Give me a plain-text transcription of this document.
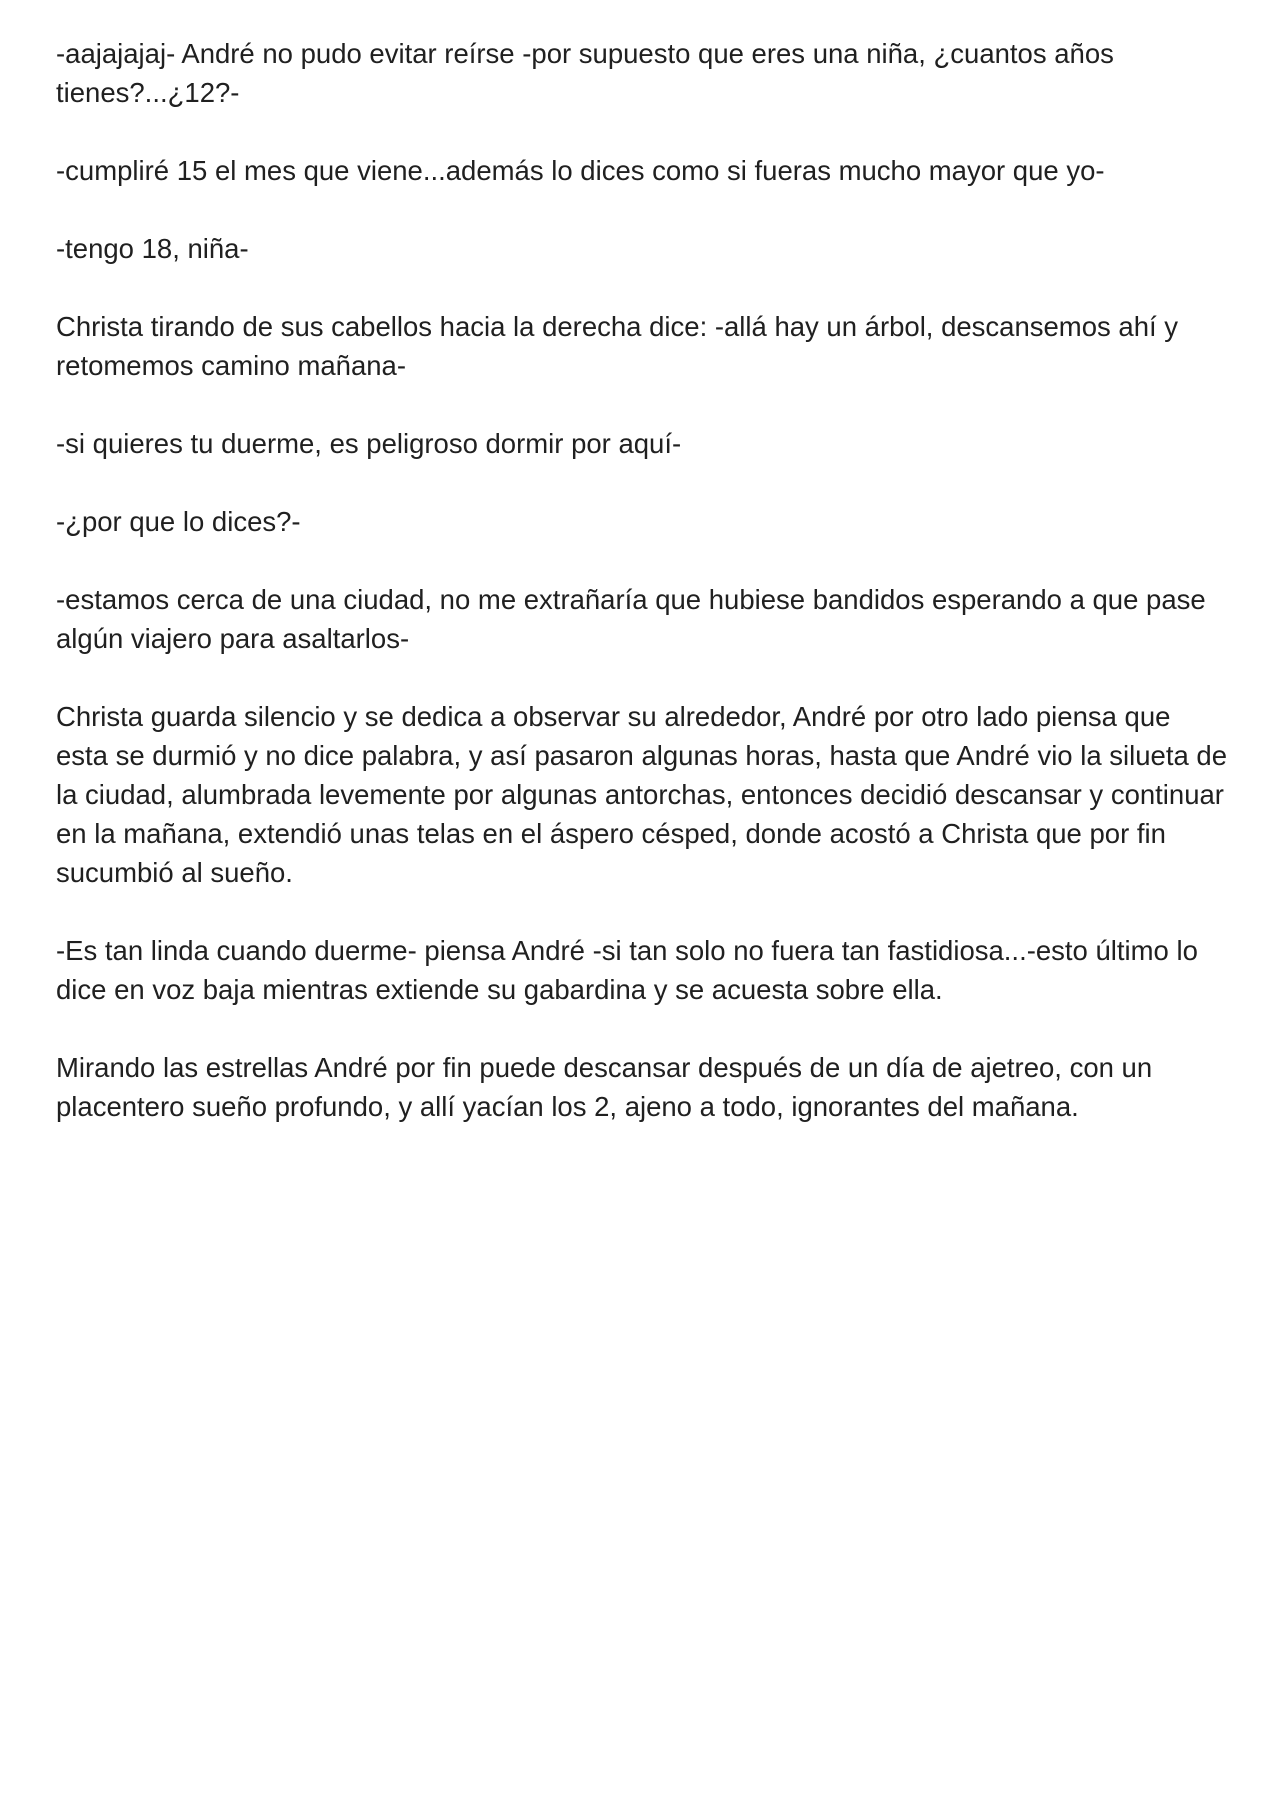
-aajajajaj- André no pudo evitar reírse -por supuesto que eres una niña, ¿cuantos años tienes?...¿12?-

-cumpliré 15 el mes que viene...además lo dices como si fueras mucho mayor que yo-

-tengo 18, niña-

Christa tirando de sus cabellos hacia la derecha dice: -allá hay un árbol, descansemos ahí y retomemos camino mañana-

-si quieres tu duerme, es peligroso dormir por aquí-

-¿por que lo dices?-

-estamos cerca de una ciudad, no me extrañaría que hubiese bandidos esperando a que pase algún viajero para asaltarlos-

Christa guarda silencio y se dedica a observar su alrededor, André por otro lado piensa que esta se durmió y no dice palabra, y así pasaron algunas horas, hasta que André vio la silueta de la ciudad, alumbrada levemente por algunas antorchas, entonces decidió descansar y continuar en la mañana, extendió unas telas en el áspero césped, donde acostó a Christa que por fin sucumbió al sueño.

-Es tan linda cuando duerme- piensa André -si tan solo no fuera tan fastidiosa...-esto último lo dice en voz baja mientras extiende su gabardina y se acuesta sobre ella.

Mirando las estrellas André por fin puede descansar después de un día de ajetreo, con un placentero sueño profundo, y allí yacían los 2, ajeno a todo, ignorantes del mañana.
